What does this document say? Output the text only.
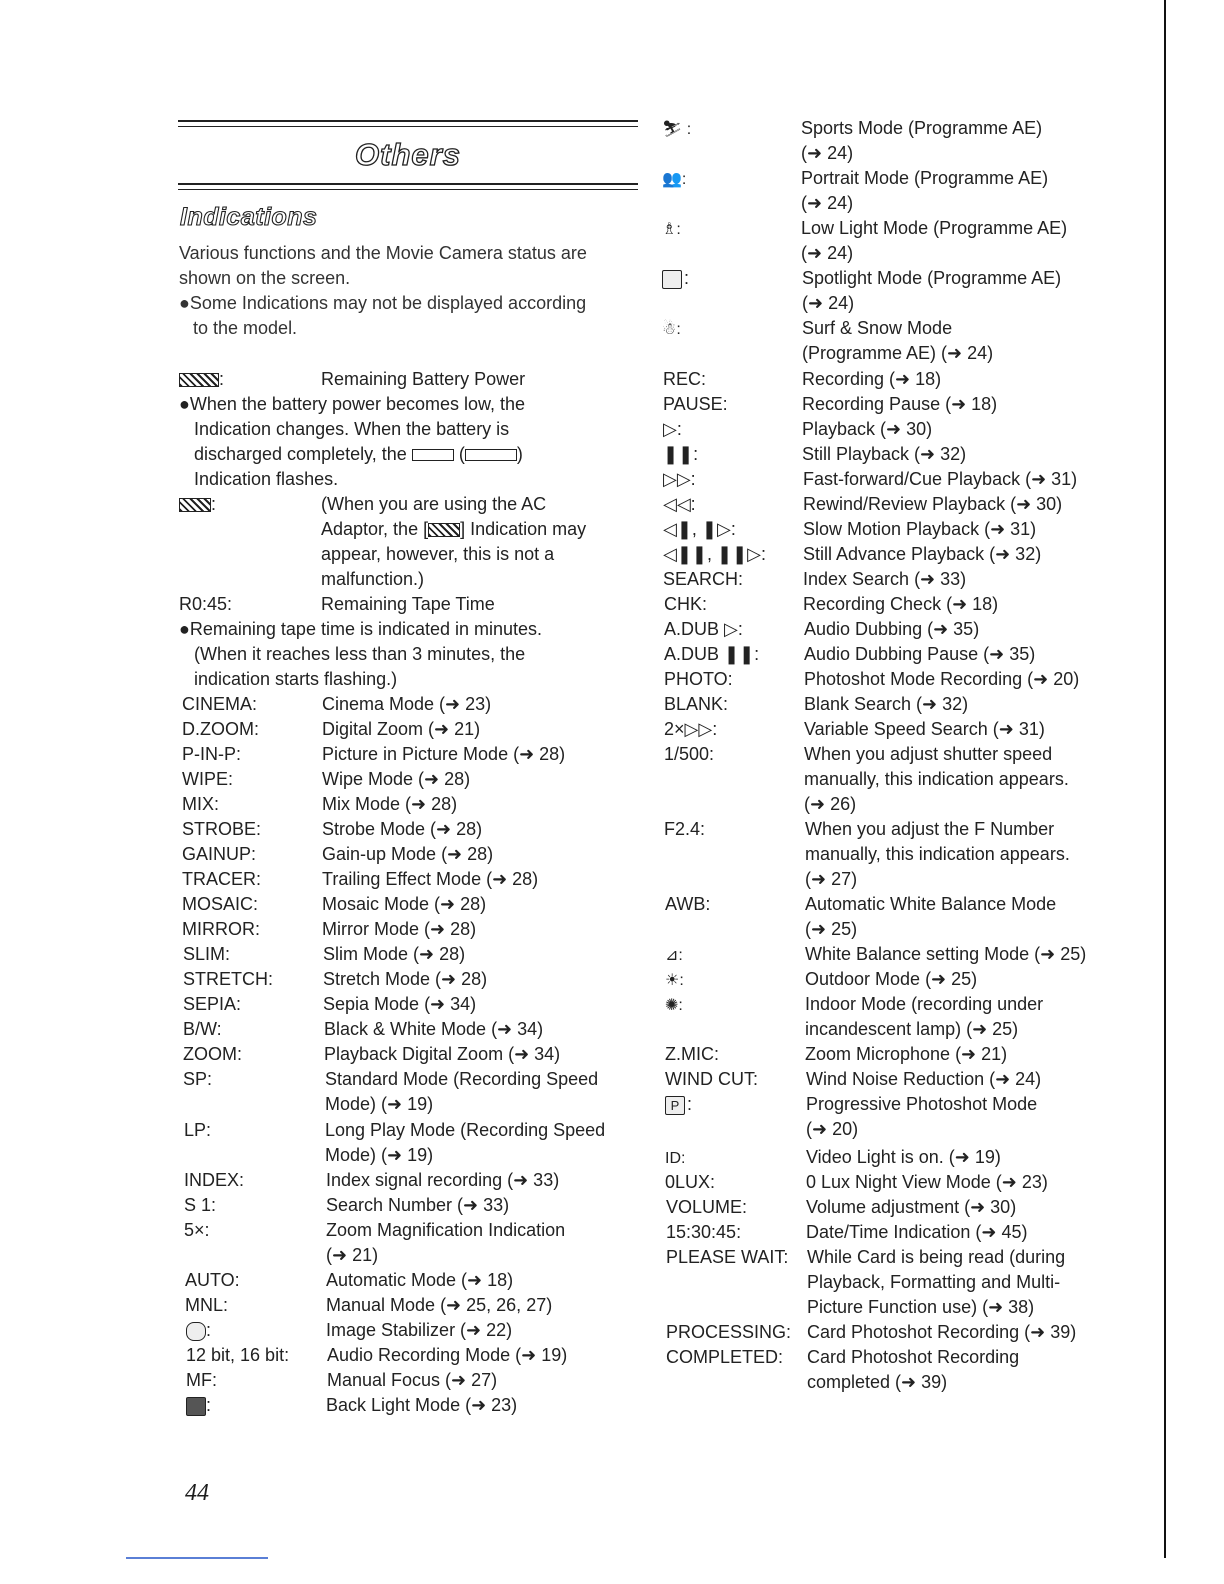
Others
Indications

Various functions and the Movie Camera status are

shown on the screen.

●Some Indications may not be displayed according

to the model.

:	Remaining Battery Power
●When the battery power becomes low, the
Indication changes. When the battery is
discharged completely, the	(	)
Indication flashes.
:	(When you are using the AC
Adaptor, the [ ] Indication may
appear, however, this is not a
malfunction.)
R0:45:	Remaining Tape Time
●Remaining tape time is indicated in minutes.
(When it reaches less than 3 minutes, the
indication starts flashing.)
CINEMA:	Cinema Mode (➜ 23)
D.ZOOM:	Digital Zoom (➜ 21)
P-IN-P:	Picture in Picture Mode (➜ 28)
WIPE:	Wipe Mode (➜ 28)
MIX:	Mix Mode (➜ 28)
STROBE:	Strobe Mode (➜ 28)
GAINUP:	Gain-up Mode (➜ 28)
TRACER:	Trailing Effect Mode (➜ 28)
MOSAIC:	Mosaic Mode (➜ 28)
MIRROR:	Mirror Mode (➜ 28)
SLIM:	Slim Mode (➜ 28)
STRETCH:	Stretch Mode (➜ 28)
SEPIA:	Sepia Mode (➜ 34)
B/W:	Black & White Mode (➜ 34)
ZOOM:	Playback Digital Zoom (➜ 34)
SP:	Standard Mode (Recording Speed
Mode) (➜ 19)
LP:	Long Play Mode (Recording Speed
Mode) (➜ 19)
INDEX:	Index signal recording (➜ 33)
S 1:	Search Number (➜ 33)
5×:	Zoom Magnification Indication
(➜ 21)
AUTO:	Automatic Mode (➜ 18)
MNL:	Manual Mode (➜ 25, 26, 27)
12 bit, 16 bit: Audio Recording Mode (➜ 19)
MF:	Manual Focus (➜ 27)
:	Image Stabilizer (➜ 22)
:	Back Light Mode (➜ 23)
⛷ :	Sports Mode (Programme AE)
(➜ 24)
👥:	Portrait Mode (Programme AE)
(➜ 24)
♗:	Low Light Mode (Programme AE)
(➜ 24)
:	Spotlight Mode (Programme AE)
(➜ 24)
☃:	Surf & Snow Mode
(Programme AE) (➜ 24)
REC:	Recording (➜ 18)
PAUSE:	Recording Pause (➜ 18)
▷:	Playback (➜ 30)
❚❚:	Still Playback (➜ 32)
▷▷:	Fast-forward/Cue Playback (➜ 31)
◁◁:	Rewind/Review Playback (➜ 30)
◁❚, ❚▷:	Slow Motion Playback (➜ 31)
◁❚❚, ❚❚▷: Still Advance Playback (➜ 32)
SEARCH:	Index Search (➜ 33)
CHK:	Recording Check (➜ 18)
A.DUB ▷:	Audio Dubbing (➜ 35)
A.DUB ❚❚: Audio Dubbing Pause (➜ 35)
PHOTO:	Photoshot Mode Recording (➜ 20)
BLANK:	Blank Search (➜ 32)
2×▷▷:	Variable Speed Search (➜ 31)
1/500:	When you adjust shutter speed
manually, this indication appears.
(➜ 26)
F2.4:	When you adjust the F Number
manually, this indication appears.
(➜ 27)
AWB:	Automatic White Balance Mode
(➜ 25)
⊿:	White Balance setting Mode (➜ 25)
☀:	Outdoor Mode (➜ 25)
✺:	Indoor Mode (recording under
incandescent lamp) (➜ 25)
Z.MIC:	Zoom Microphone (➜ 21)
WIND CUT:	Wind Noise Reduction (➜ 24)
P :	Progressive Photoshot Mode
(➜ 20)
ID:	Video Light is on. (➜ 19)
0LUX:	0 Lux Night View Mode (➜ 23)
VOLUME:	Volume adjustment (➜ 30)
15:30:45:	Date/Time Indication (➜ 45)
PLEASE WAIT: While Card is being read (during
Playback, Formatting and Multi-
Picture Function use) (➜ 38)
PROCESSING: Card Photoshot Recording (➜ 39)
COMPLETED: Card Photoshot Recording
completed (➜ 39)
44
